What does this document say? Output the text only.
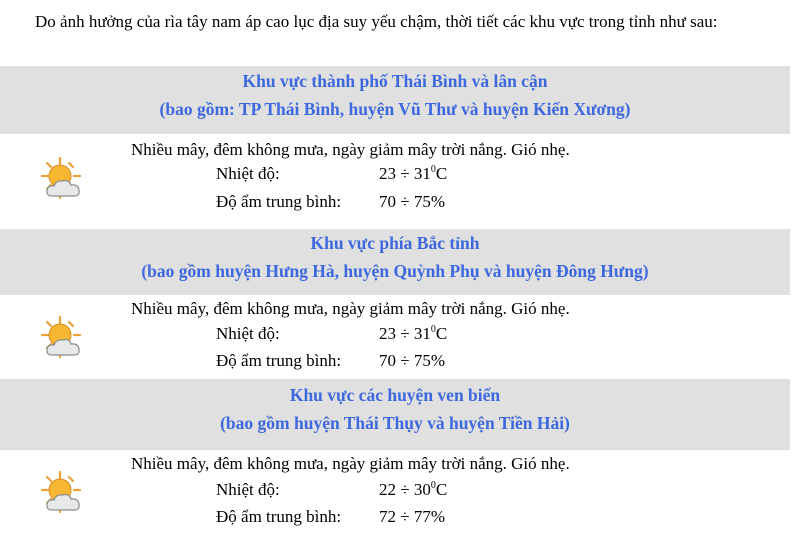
Do ảnh hưởng của rìa tây nam áp cao lục địa suy yếu chậm, thời tiết các khu vực trong tỉnh như sau:
Khu vực thành phố Thái Bình và lân cận
(bao gồm: TP Thái Bình, huyện Vũ Thư và huyện Kiến Xương)
Nhiều mây, đêm không mưa, ngày giảm mây trời nắng. Gió nhẹ.
Nhiệt độ:	$23 \div 31^0C$
Độ ẩm trung bình: 70 ÷ 75%
Khu vực phía Bắc tỉnh
(bao gồm huyện Hưng Hà, huyện Quỳnh Phụ và huyện Đông Hưng)
Nhiều mây, đêm không mưa, ngày giảm mây trời nắng. Gió nhẹ.
Nhiệt độ:	$23 \div 31^0C$
Độ ẩm trung bình: 70 ÷ 75%
Khu vực các huyện ven biển
(bao gồm huyện Thái Thụy và huyện Tiền Hải)
Nhiều mây, đêm không mưa, ngày giảm mây trời nắng. Gió nhẹ.
Nhiệt độ:	$22 \div 30^0C$
Độ ẩm trung bình: 72 ÷ 77%
